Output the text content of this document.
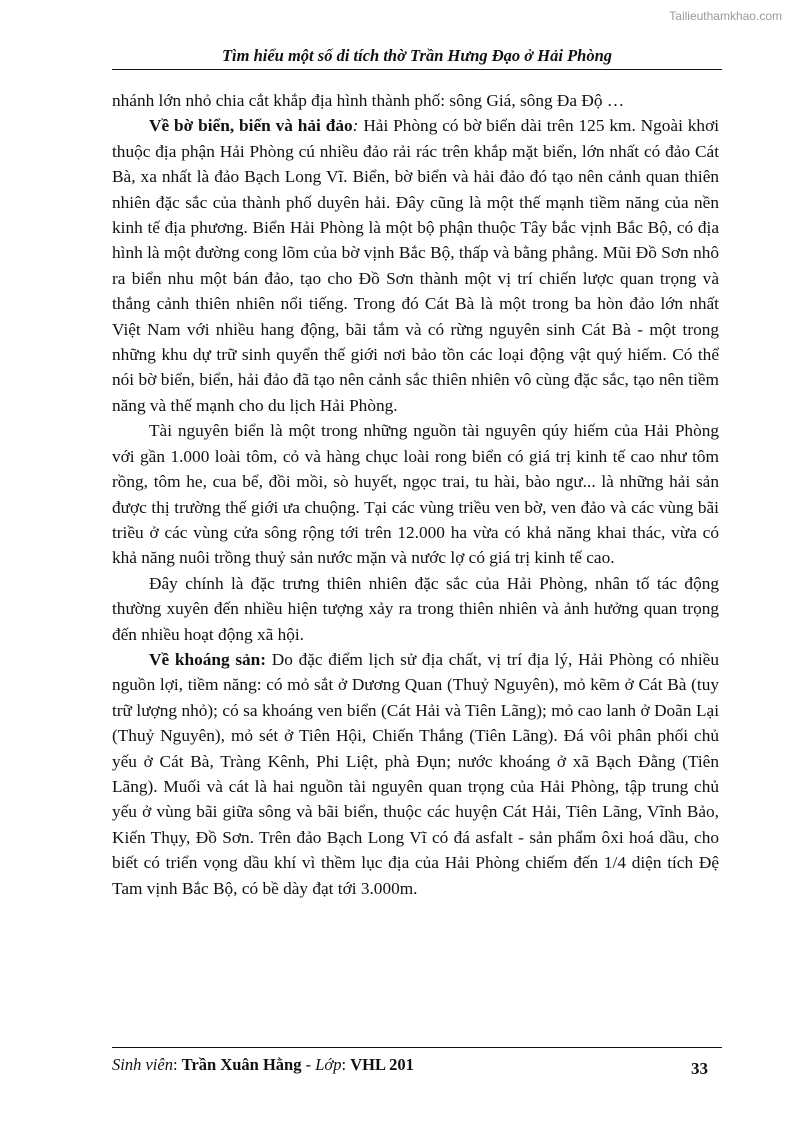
Tailieuthamkhao.com
Tìm hiểu một số di tích thờ Trần Hưng Đạo ở Hải Phòng

nhánh lớn nhỏ chia cắt khắp địa hình thành phố: sông Giá, sông Đa Độ …

Về bờ biển, biển và hải đảo: Hải Phòng có bờ biển dài trên 125 km. Ngoài khơi thuộc địa phận Hải Phòng cú nhiều đảo rải rác trên khắp mặt biển, lớn nhất có đảo Cát Bà, xa nhất là đảo Bạch Long Vĩ. Biển, bờ biển và hải đảo đó tạo nên cảnh quan thiên nhiên đặc sắc của thành phố duyên hải. Đây cũng là một thế mạnh tiềm năng của nền kinh tế địa phương. Biển Hải Phòng là một bộ phận thuộc Tây bắc vịnh Bắc Bộ, có địa hình là một đường cong lõm của bờ vịnh Bắc Bộ, thấp và bằng phẳng. Mũi Đồ Sơn nhô ra biển nhu một bán đảo, tạo cho Đồ Sơn thành một vị trí chiến lược quan trọng và thắng cảnh thiên nhiên nổi tiếng. Trong đó Cát Bà là một trong ba hòn đảo lớn nhất Việt Nam với nhiều hang động, bãi tắm và có rừng nguyên sinh Cát Bà - một trong những khu dự trữ sinh quyển thế giới nơi bảo tồn các loại động vật quý hiếm. Có thể nói bờ biển, biển, hải đảo đã tạo nên cảnh sắc thiên nhiên vô cùng đặc sắc, tạo nên tiềm năng và thế mạnh cho du lịch Hải Phòng.

Tài nguyên biển là một trong những nguồn tài nguyên qúy hiếm của Hải Phòng với gần 1.000 loài tôm, cỏ và hàng chục loài rong biển có giá trị kinh tế cao như tôm rồng, tôm he, cua bể, đồi mồi, sò huyết, ngọc trai, tu hài, bào ngư... là những hải sản được thị trường thế giới ưa chuộng. Tại các vùng triều ven bờ, ven đảo và các vùng bãi triều ở các vùng cửa sông rộng tới trên 12.000 ha vừa có khả năng khai thác, vừa có khả năng nuôi trồng thuỷ sản nước mặn và nước lợ có giá trị kinh tế cao.

Đây chính là đặc trưng thiên nhiên đặc sắc của Hải Phòng, nhân tố tác động thường xuyên đến nhiều hiện tượng xảy ra trong thiên nhiên và ảnh hưởng quan trọng đến nhiều hoạt động xã hội.

Về khoáng sản: Do đặc điểm lịch sử địa chất, vị trí địa lý, Hải Phòng có nhiều nguồn lợi, tiềm năng: có mỏ sắt ở Dương Quan (Thuỷ Nguyên), mỏ kẽm ở Cát Bà (tuy trữ lượng nhỏ); có sa khoáng ven biển (Cát Hải và Tiên Lãng); mỏ cao lanh ở Doãn Lại (Thuỷ Nguyên), mỏ sét ở Tiên Hội, Chiến Thắng (Tiên Lãng). Đá vôi phân phối chủ yếu ở Cát Bà, Tràng Kênh, Phi Liệt, phà Đụn; nước khoáng ở xã Bạch Đằng (Tiên Lãng). Muối và cát là hai nguồn tài nguyên quan trọng của Hải Phòng, tập trung chủ yếu ở vùng bãi giữa sông và bãi biển, thuộc các huyện Cát Hải, Tiên Lãng, Vĩnh Bảo, Kiến Thụy, Đồ Sơn. Trên đảo Bạch Long Vĩ có đá asfalt - sản phẩm ôxi hoá dầu, cho biết có triển vọng dầu khí vì thềm lục địa của Hải Phòng chiếm đến 1/4 diện tích Đệ Tam vịnh Bắc Bộ, có bề dày đạt tới 3.000m.

Sinh viên: Trần Xuân Hằng - Lớp: VHL 201	33
